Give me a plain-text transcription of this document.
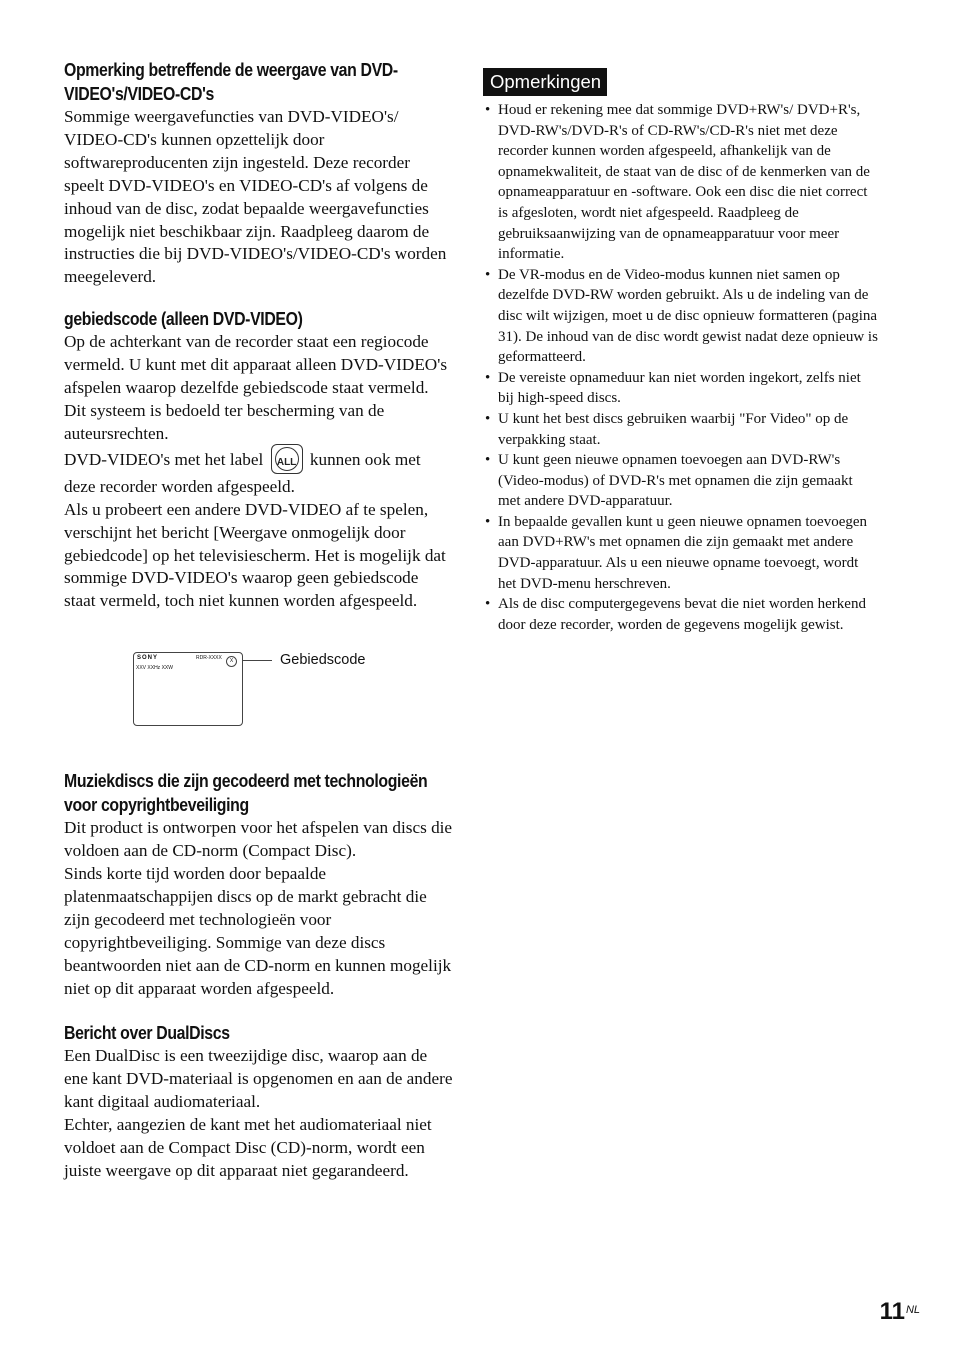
Opmerking betreffende de weergave van DVD-VIDEO's/VIDEO-CD's

Sommige weergavefuncties van DVD-VIDEO's/ VIDEO-CD's kunnen opzettelijk door softwareproducenten zijn ingesteld. Deze recorder speelt DVD-VIDEO's en VIDEO-CD's af volgens de inhoud van de disc, zodat bepaalde weergavefuncties mogelijk niet beschikbaar zijn. Raadpleeg daarom de instructies die bij DVD-VIDEO's/VIDEO-CD's worden meegeleverd.

gebiedscode (alleen DVD-VIDEO)

Op de achterkant van de recorder staat een regiocode vermeld. U kunt met dit apparaat alleen DVD-VIDEO's afspelen waarop dezelfde gebiedscode staat vermeld. Dit systeem is bedoeld ter bescherming van de auteursrechten.

DVD-VIDEO's met het label	ALL kunnen ook met deze recorder worden afgespeeld.

Als u probeert een andere DVD-VIDEO af te spelen, verschijnt het bericht [Weergave onmogelijk door gebiedcode] op het televisiescherm. Het is mogelijk dat sommige DVD-VIDEO's waarop geen gebiedscode staat vermeld, toch niet kunnen worden afgespeeld.

SONY	RDR-XXXX
XXV XXHz XXW
X	Gebiedscode
Muziekdiscs die zijn gecodeerd met technologieën voor copyrightbeveiliging

Dit product is ontworpen voor het afspelen van discs die voldoen aan de CD-norm (Compact Disc).

Sinds korte tijd worden door bepaalde platenmaatschappijen discs op de markt gebracht die zijn gecodeerd met technologieën voor copyrightbeveiliging. Sommige van deze discs beantwoorden niet aan de CD-norm en kunnen mogelijk niet op dit apparaat worden afgespeeld.

Bericht over DualDiscs

Een DualDisc is een tweezijdige disc, waarop aan de ene kant DVD-materiaal is opgenomen en aan de andere kant digitaal audiomateriaal.

Echter, aangezien de kant met het audiomateriaal niet voldoet aan de Compact Disc (CD)-norm, wordt een juiste weergave op dit apparaat niet gegarandeerd.

Opmerkingen
• Houd er rekening mee dat sommige DVD+RW's/ DVD+R's, DVD-RW's/DVD-R's of CD-RW's/CD-R's niet met deze recorder kunnen worden afgespeeld, afhankelijk van de opnamekwaliteit, de staat van de disc of de kenmerken van de opnameapparatuur en -software. Ook een disc die niet correct is afgesloten, wordt niet afgespeeld. Raadpleeg de gebruiksaanwijzing van de opnameapparatuur voor meer informatie.
• De VR-modus en de Video-modus kunnen niet samen op dezelfde DVD-RW worden gebruikt. Als u de indeling van de disc wilt wijzigen, moet u de disc opnieuw formatteren (pagina 31). De inhoud van de disc wordt gewist nadat deze opnieuw is geformatteerd.
• De vereiste opnameduur kan niet worden ingekort, zelfs niet bij high-speed discs.
• U kunt het best discs gebruiken waarbij "For Video" op de verpakking staat.
• U kunt geen nieuwe opnamen toevoegen aan DVD-RW's (Video-modus) of DVD-R's met opnamen die zijn gemaakt met andere DVD-apparatuur.
• In bepaalde gevallen kunt u geen nieuwe opnamen toevoegen aan DVD+RW's met opnamen die zijn gemaakt met andere DVD-apparatuur. Als u een nieuwe opname toevoegt, wordt het DVD-menu herschreven.
• Als de disc computergegevens bevat die niet worden herkend door deze recorder, worden de gegevens mogelijk gewist.
$11^{NL}$
